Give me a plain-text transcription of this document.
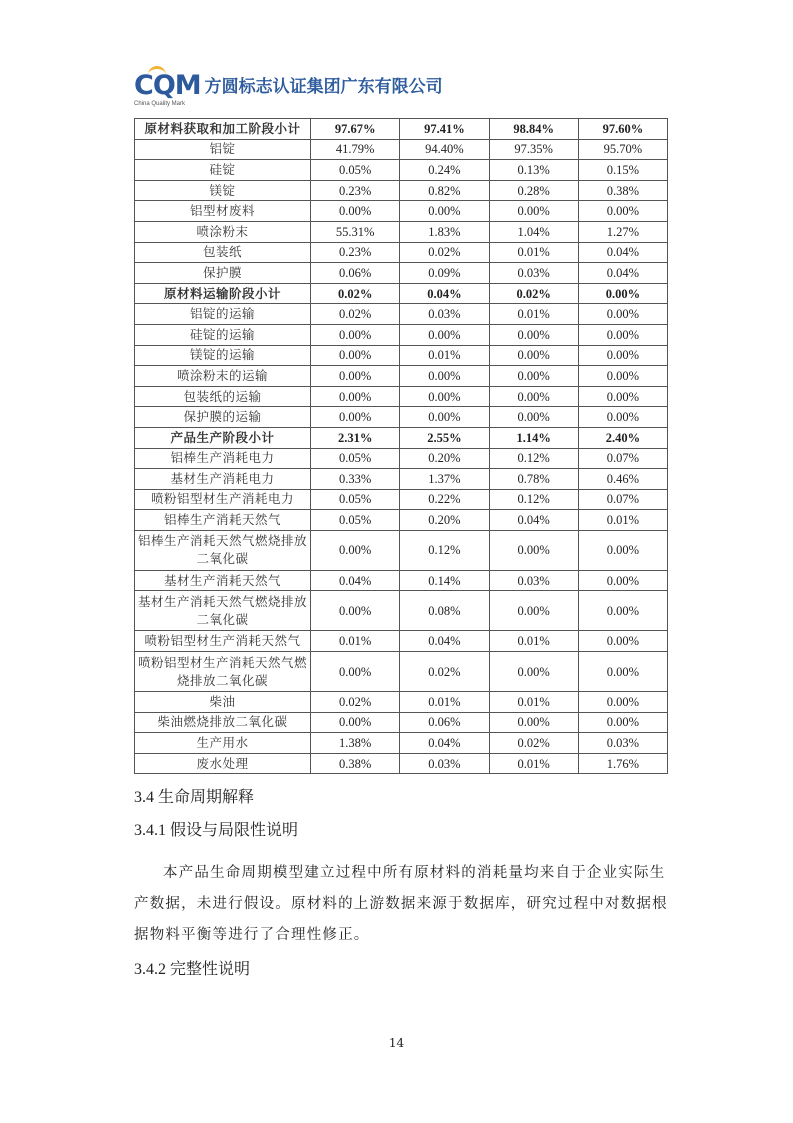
CQM
China Quality Mark
方圆标志认证集团广东有限公司
原材料获取和加工阶段小计	97.67%	97.41%	98.84%	97.60%
铝锭	41.79%	94.40%	97.35%	95.70%
硅锭	0.05%	0.24%	0.13%	0.15%
镁锭	0.23%	0.82%	0.28%	0.38%
铝型材废料	0.00%	0.00%	0.00%	0.00%
喷涂粉末	55.31%	1.83%	1.04%	1.27%
包装纸	0.23%	0.02%	0.01%	0.04%
保护膜	0.06%	0.09%	0.03%	0.04%
原材料运输阶段小计	0.02%	0.04%	0.02%	0.00%
铝锭的运输	0.02%	0.03%	0.01%	0.00%
硅锭的运输	0.00%	0.00%	0.00%	0.00%
镁锭的运输	0.00%	0.01%	0.00%	0.00%
喷涂粉末的运输	0.00%	0.00%	0.00%	0.00%
包装纸的运输	0.00%	0.00%	0.00%	0.00%
保护膜的运输	0.00%	0.00%	0.00%	0.00%
产品生产阶段小计	2.31%	2.55%	1.14%	2.40%
铝棒生产消耗电力	0.05%	0.20%	0.12%	0.07%
基材生产消耗电力	0.33%	1.37%	0.78%	0.46%
喷粉铝型材生产消耗电力	0.05%	0.22%	0.12%	0.07%
铝棒生产消耗天然气	0.05%	0.20%	0.04%	0.01%
铝棒生产消耗天然气燃烧排放二氧化碳	0.00%	0.12%	0.00%	0.00%
基材生产消耗天然气	0.04%	0.14%	0.03%	0.00%
基材生产消耗天然气燃烧排放二氧化碳	0.00%	0.08%	0.00%	0.00%
喷粉铝型材生产消耗天然气	0.01%	0.04%	0.01%	0.00%
喷粉铝型材生产消耗天然气燃烧排放二氧化碳	0.00%	0.02%	0.00%	0.00%
柴油	0.02%	0.01%	0.01%	0.00%
柴油燃烧排放二氧化碳	0.00%	0.06%	0.00%	0.00%
生产用水	1.38%	0.04%	0.02%	0.03%
废水处理	0.38%	0.03%	0.01%	1.76%
3.4 生命周期解释
3.4.1 假设与局限性说明
本产品生命周期模型建立过程中所有原材料的消耗量均来自于企业实际生产数据，未进行假设。原材料的上游数据来源于数据库，研究过程中对数据根据物料平衡等进行了合理性修正。
3.4.2 完整性说明
14
